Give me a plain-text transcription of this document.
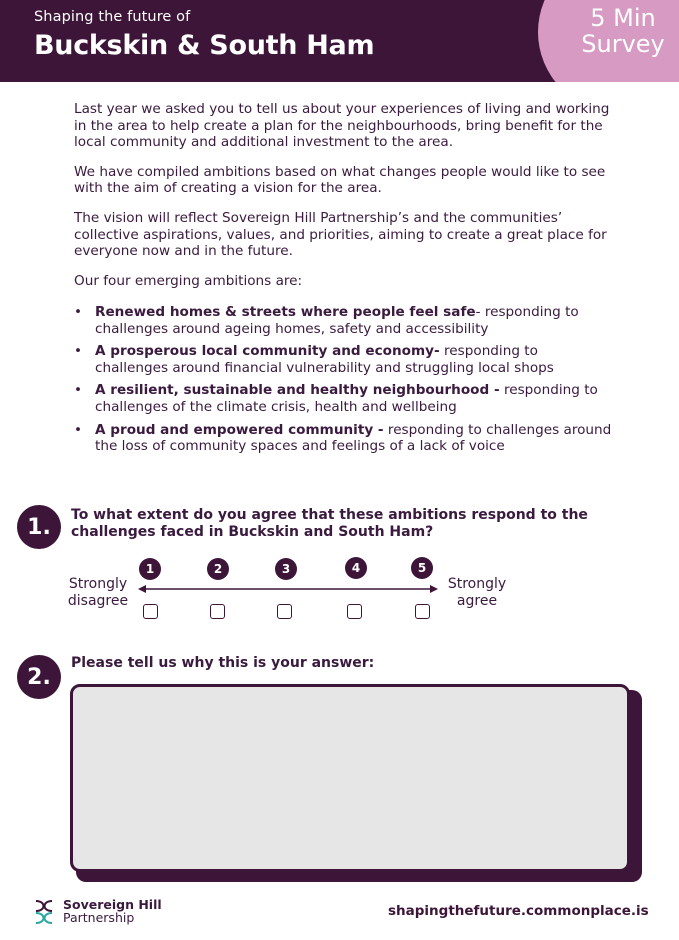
Shaping the future of
Buckskin & South Ham
5 Min
Survey

Last year we asked you to tell us about your experiences of living and working in the area to help create a plan for the neighbourhoods, bring benefit for the local community and additional investment to the area.

We have compiled ambitions based on what changes people would like to see with the aim of creating a vision for the area.

The vision will reflect Sovereign Hill Partnership’s and the communities’ collective aspirations, values, and priorities, aiming to create a great place for everyone now and in the future.

Our four emerging ambitions are:

• Renewed homes & streets where people feel safe- responding to challenges around ageing homes, safety and accessibility
• A prosperous local community and economy- responding to challenges around financial vulnerability and struggling local shops
• A resilient, sustainable and healthy neighbourhood - responding to challenges of the climate crisis, health and wellbeing
• A proud and empowered community - responding to challenges around the loss of community spaces and feelings of a lack of voice
1.	To what extent do you agree that these ambitions respond to the challenges faced in Buckskin and South Ham?
Strongly disagree
Strongly agree
1	2	3	4	5
2.
Please tell us why this is your answer:
Sovereign Hill
Partnership	shapingthefuture.commonplace.is
